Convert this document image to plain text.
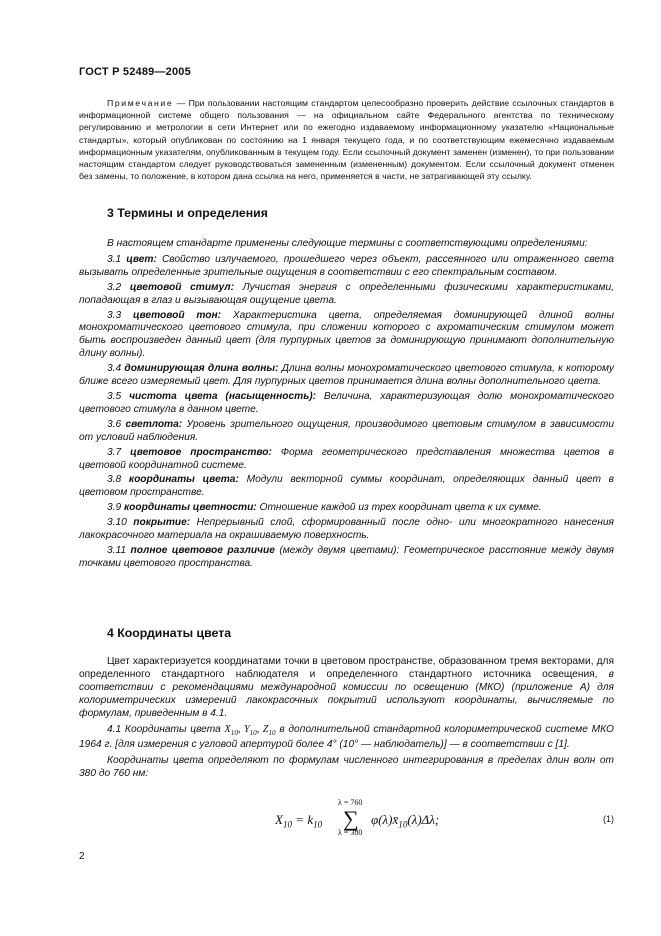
ГОСТ Р 52489—2005

Примечание — При пользовании настоящим стандартом целесообразно проверить действие ссылочных стандартов в информационной системе общего пользования — на официальном сайте Федерального агентства по техническому регулированию и метрологии в сети Интернет или по ежегодно издаваемому информационному указателю «Национальные стандарты», который опубликован по состоянию на 1 января текущего года, и по соответствующим ежемесячно издаваемым информационным указателям, опубликованным в текущем году. Если ссылочный документ заменен (изменен), то при пользовании настоящим стандартом следует руководствоваться замененным (измененным) документом. Если ссылочный документ отменен без замены, то положение, в котором дана ссылка на него, применяется в части, не затрагивающей эту ссылку.

3 Термины и определения

В настоящем стандарте применены следующие термины с соответствующими определениями:

3.1 цвет: Свойство излучаемого, прошедшего через объект, рассеянного или отраженного света вызывать определенные зрительные ощущения в соответствии с его спектральным составом.

3.2 цветовой стимул: Лучистая энергия с определенными физическими характеристиками, попадающая в глаз и вызывающая ощущение цвета.

3.3 цветовой тон: Характеристика цвета, определяемая доминирующей длиной волны монохроматического цветового стимула, при сложении которого с ахроматическим стимулом может быть воспроизведен данный цвет (для пурпурных цветов за доминирующую принимают дополнительную длину волны).

3.4 доминирующая длина волны: Длина волны монохроматического цветового стимула, к которому ближе всего измеряемый цвет. Для пурпурных цветов принимается длина волны дополнительного цвета.

3.5 чистота цвета (насыщенность): Величина, характеризующая долю монохроматического цветового стимула в данном цвете.

3.6 светлота: Уровень зрительного ощущения, производимого цветовым стимулом в зависимости от условий наблюдения.

3.7 цветовое пространство: Форма геометрического представления множества цветов в цветовой координатной системе.

3.8 координаты цвета: Модули векторной суммы координат, определяющих данный цвет в цветовом пространстве.

3.9 координаты цветности: Отношение каждой из трех координат цвета к их сумме.

3.10 покрытие: Непрерывный слой, сформированный после одно- или многократного нанесения лакокрасочного материала на окрашиваемую поверхность.

3.11 полное цветовое различие (между двумя цветами): Геометрическое расстояние между двумя точками цветового пространства.

4 Координаты цвета

Цвет характеризуется координатами точки в цветовом пространстве, образованном тремя векторами, для определенного стандартного наблюдателя и определенного стандартного источника освещения, в соответствии с рекомендациями международной комиссии по освещению (МКО) (приложение А) для колориметрических измерений лакокрасочных покрытий используют координаты, вычисляемые по формулам, приведенным в 4.1.

4.1 Координаты цвета $X_{10}$, $Y_{10}$, $Z_{10}$ в дополнительной стандартной колориметрической системе МКО 1964 г. [для измерения с угловой апертурой более 4° (10° — наблюдатель)] — в соответствии с [1].

Координаты цвета определяют по формулам численного интегрирования в пределах длин волн от 380 до 760 нм:

$X_{10} = k_{10}$
λ = 760
∑
λ = 380
$\varphi(\lambda)x̄_{10}(\lambda)\Delta\lambda$;	(1)
2
